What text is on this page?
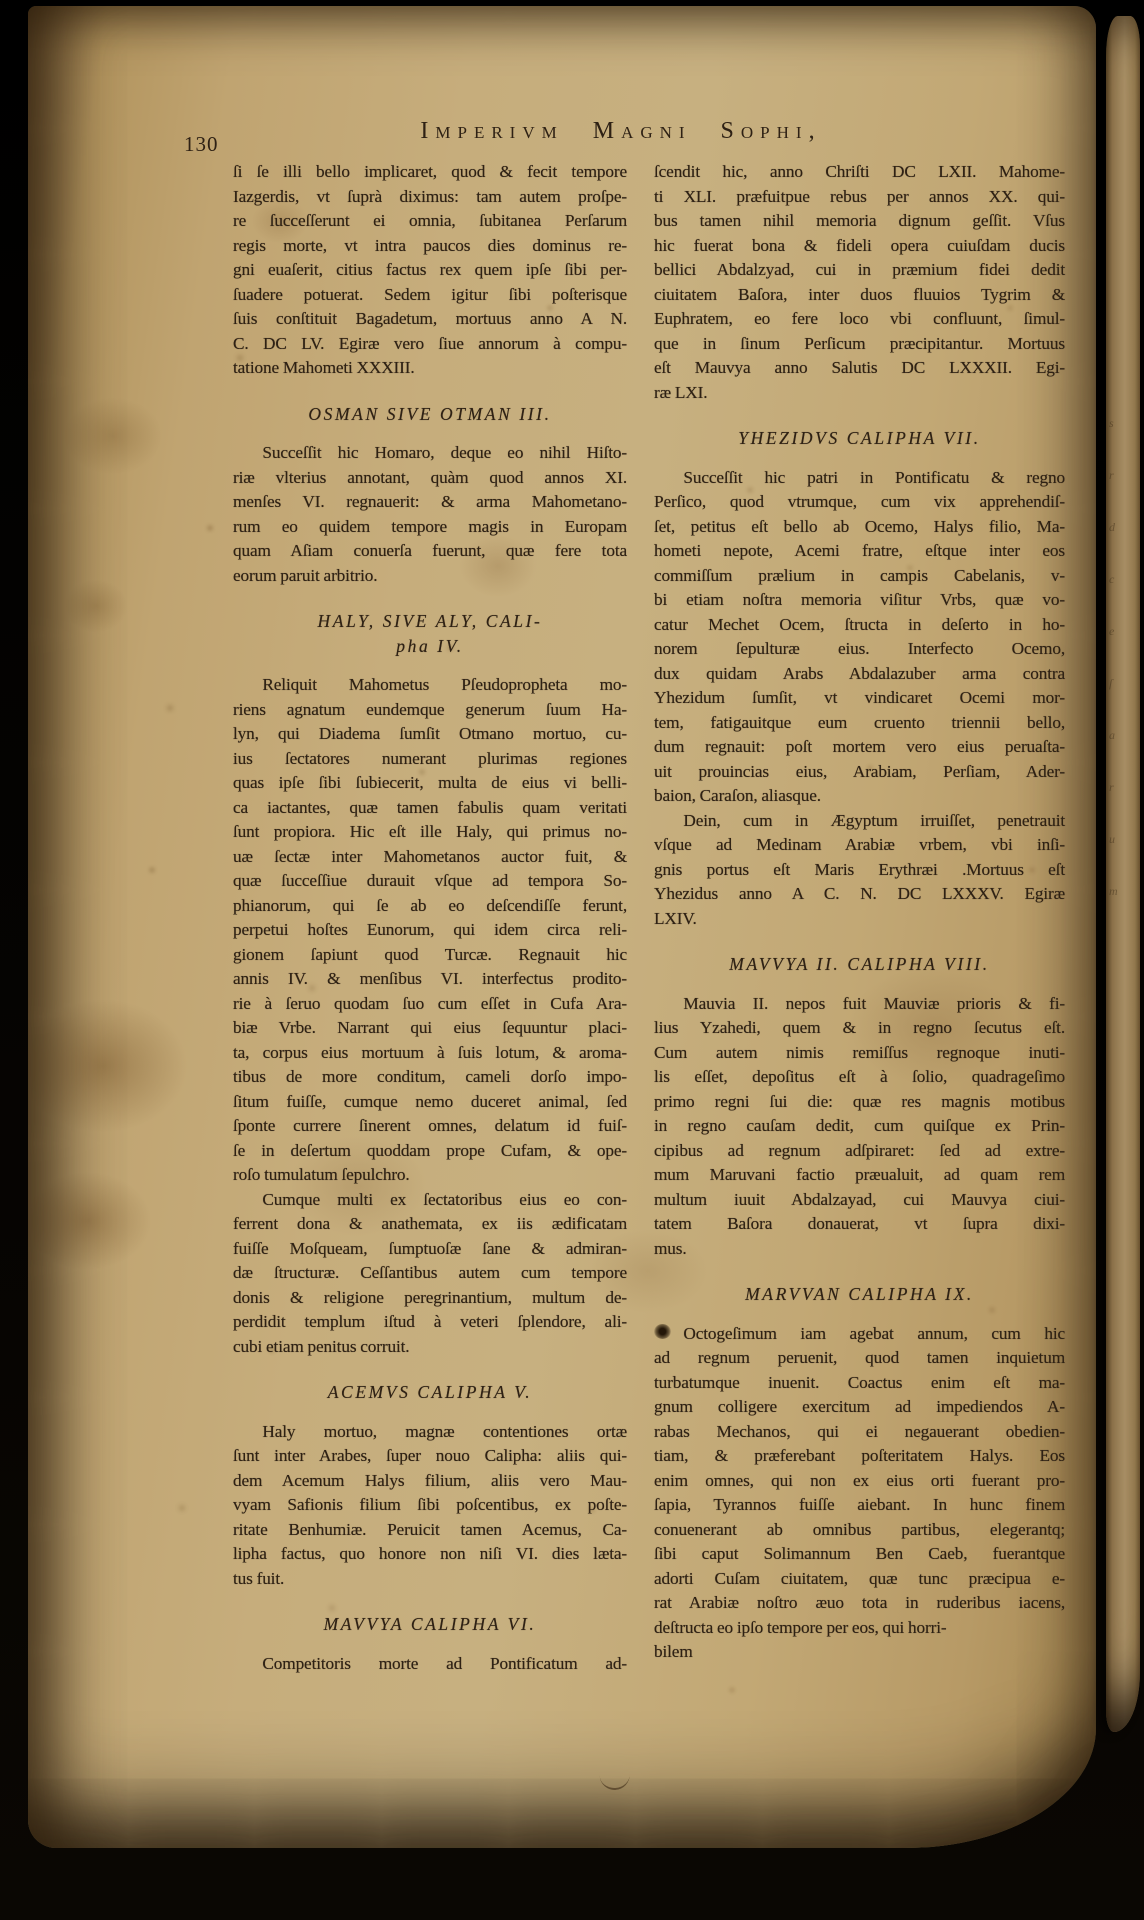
130	Imperivm Magni Sophi,
ſi ſe illi bello implicaret, quod & fecit tempore
Iazgerdis, vt ſuprà diximus: tam autem proſpe-
re ſucceſſerunt ei omnia, ſubitanea Perſarum
regis morte, vt intra paucos dies dominus re-
gni euaſerit, citius factus rex quem ipſe ſibi per-
ſuadere potuerat. Sedem igitur ſibi poſterisque
ſuis conſtituit Bagadetum, mortuus anno A N.
C. DC LV. Egiræ vero ſiue annorum à compu-
tatione Mahometi XXXIII.
OSMAN SIVE OTMAN III.
Succeſſit hic Homaro, deque eo nihil Hiſto-
riæ vlterius annotant, quàm quod annos XI.
menſes VI. regnauerit: & arma Mahometano-
rum eo quidem tempore magis in Europam
quam Aſiam conuerſa fuerunt, quæ fere tota
eorum paruit arbitrio.
HALY, SIVE ALY, CALI-
pha IV.
Reliquit Mahometus Pſeudopropheta mo-
riens agnatum eundemque generum ſuum Ha-
lyn, qui Diadema ſumſit Otmano mortuo, cu-
ius ſectatores numerant plurimas regiones
quas ipſe ſibi ſubiecerit, multa de eius vi belli-
ca iactantes, quæ tamen fabulis quam veritati
ſunt propiora. Hic eſt ille Haly, qui primus no-
uæ ſectæ inter Mahometanos auctor fuit, &
quæ ſucceſſiue durauit vſque ad tempora So-
phianorum, qui ſe ab eo deſcendiſſe ferunt,
perpetui hoſtes Eunorum, qui idem circa reli-
gionem ſapiunt quod Turcæ. Regnauit hic
annis IV. & menſibus VI. interfectus prodito-
rie à ſeruo quodam ſuo cum eſſet in Cufa Ara-
biæ Vrbe. Narrant qui eius ſequuntur placi-
ta, corpus eius mortuum à ſuis lotum, & aroma-
tibus de more conditum, cameli dorſo impo-
ſitum fuiſſe, cumque nemo duceret animal, ſed
ſponte currere ſinerent omnes, delatum id fuiſ-
ſe in deſertum quoddam prope Cufam, & ope-
roſo tumulatum ſepulchro.
Cumque multi ex ſectatoribus eius eo con-
ferrent dona & anathemata, ex iis ædificatam
fuiſſe Moſqueam, ſumptuoſæ ſane & admiran-
dæ ſtructuræ. Ceſſantibus autem cum tempore
donis & religione peregrinantium, multum de-
perdidit templum iſtud à veteri ſplendore, ali-
cubi etiam penitus corruit.
ACEMVS CALIPHA V.
Haly mortuo, magnæ contentiones ortæ
ſunt inter Arabes, ſuper nouo Calipha: aliis qui-
dem Acemum Halys filium, aliis vero Mau-
vyam Safionis filium ſibi poſcentibus, ex poſte-
ritate Benhumiæ. Peruicit tamen Acemus, Ca-
lipha factus, quo honore non niſi VI. dies læta-
tus fuit.
MAVVYA CALIPHA VI.
Competitoris morte ad Pontificatum ad-
ſcendit hic, anno Chriſti DC LXII. Mahome-
ti XLI. præfuitpue rebus per annos XX. qui-
bus tamen nihil memoria dignum geſſit. Vſus
hic fuerat bona & fideli opera cuiuſdam ducis
bellici Abdalzyad, cui in præmium fidei dedit
ciuitatem Baſora, inter duos fluuios Tygrim &
Euphratem, eo fere loco vbi confluunt, ſimul-
que in ſinum Perſicum præcipitantur. Mortuus
eſt Mauvya anno Salutis DC LXXXII. Egi-
ræ LXI.
YHEZIDVS CALIPHA VII.
Succeſſit hic patri in Pontificatu & regno
Perſico, quod vtrumque, cum vix apprehendiſ-
ſet, petitus eſt bello ab Ocemo, Halys filio, Ma-
hometi nepote, Acemi fratre, eſtque inter eos
commiſſum prælium in campis Cabelanis, v-
bi etiam noſtra memoria viſitur Vrbs, quæ vo-
catur Mechet Ocem, ſtructa in deſerto in ho-
norem ſepulturæ eius. Interfecto Ocemo,
dux quidam Arabs Abdalazuber arma contra
Yhezidum ſumſit, vt vindicaret Ocemi mor-
tem, fatigauitque eum cruento triennii bello,
dum regnauit: poſt mortem vero eius peruaſta-
uit prouincias eius, Arabiam, Perſiam, Ader-
baion, Caraſon, aliasque.
Dein, cum in Ægyptum irruiſſet, penetrauit
vſque ad Medinam Arabiæ vrbem, vbi inſi-
gnis portus eſt Maris Erythræi .Mortuus eſt
Yhezidus anno A C. N. DC LXXXV. Egiræ
LXIV.
MAVVYA II. CALIPHA VIII.
Mauvia II. nepos fuit Mauviæ prioris & fi-
lius Yzahedi, quem & in regno ſecutus eſt.
Cum autem nimis remiſſus regnoque inuti-
lis eſſet, depoſitus eſt à ſolio, quadrageſimo
primo regni ſui die: quæ res magnis motibus
in regno cauſam dedit, cum quiſque ex Prin-
cipibus ad regnum adſpiraret: ſed ad extre-
mum Maruvani factio præualuit, ad quam rem
multum iuuit Abdalzayad, cui Mauvya ciui-
tatem Baſora donauerat, vt ſupra dixi-
mus.
MARVVAN CALIPHA IX.
Octogeſimum iam agebat annum, cum hic
ad regnum peruenit, quod tamen inquietum
turbatumque inuenit. Coactus enim eſt ma-
gnum colligere exercitum ad impediendos A-
rabas Mechanos, qui ei negauerant obedien-
tiam, & præferebant poſteritatem Halys. Eos
enim omnes, qui non ex eius orti fuerant pro-
ſapia, Tyrannos fuiſſe aiebant. In hunc finem
conuenerant ab omnibus partibus, elegerantq;
ſibi caput Solimannum Ben Caeb, fuerantque
adorti Cuſam ciuitatem, quæ tunc præcipua e-
rat Arabiæ noſtro æuo tota in ruderibus iacens,
deſtructa eo ipſo tempore per eos, qui horri-
bilem
s
r
d
c
e
ſ
a
r
u
m
